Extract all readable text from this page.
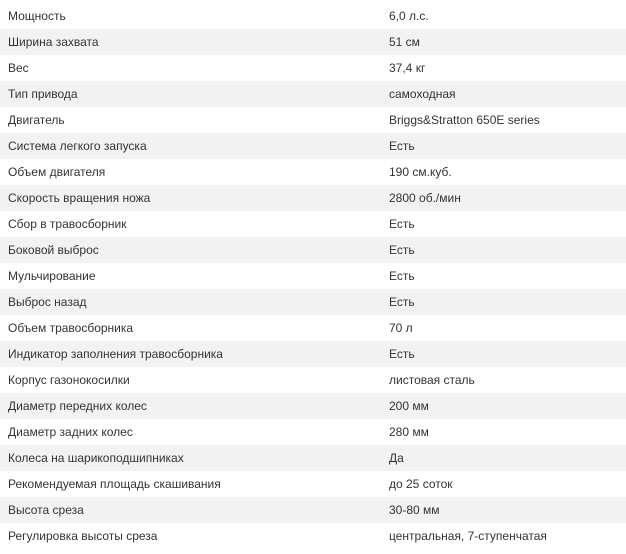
Мощность	6,0 л.с.
Ширина захвата	51 см
Вес	37,4 кг
Тип привода	самоходная
Двигатель	Briggs&Stratton 650E series
Система легкого запуска	Есть
Объем двигателя	190 см.куб.
Скорость вращения ножа	2800 об./мин
Сбор в травосборник	Есть
Боковой выброс	Есть
Мульчирование	Есть
Выброс назад	Есть
Объем травосборника	70 л
Индикатор заполнения травосборника	Есть
Корпус газонокосилки	листовая сталь
Диаметр передних колес	200 мм
Диаметр задних колес	280 мм
Колеса на шарикоподшипниках	Да
Рекомендуемая площадь скашивания	до 25 соток
Высота среза	30-80 мм
Регулировка высоты среза	центральная, 7-ступенчатая
